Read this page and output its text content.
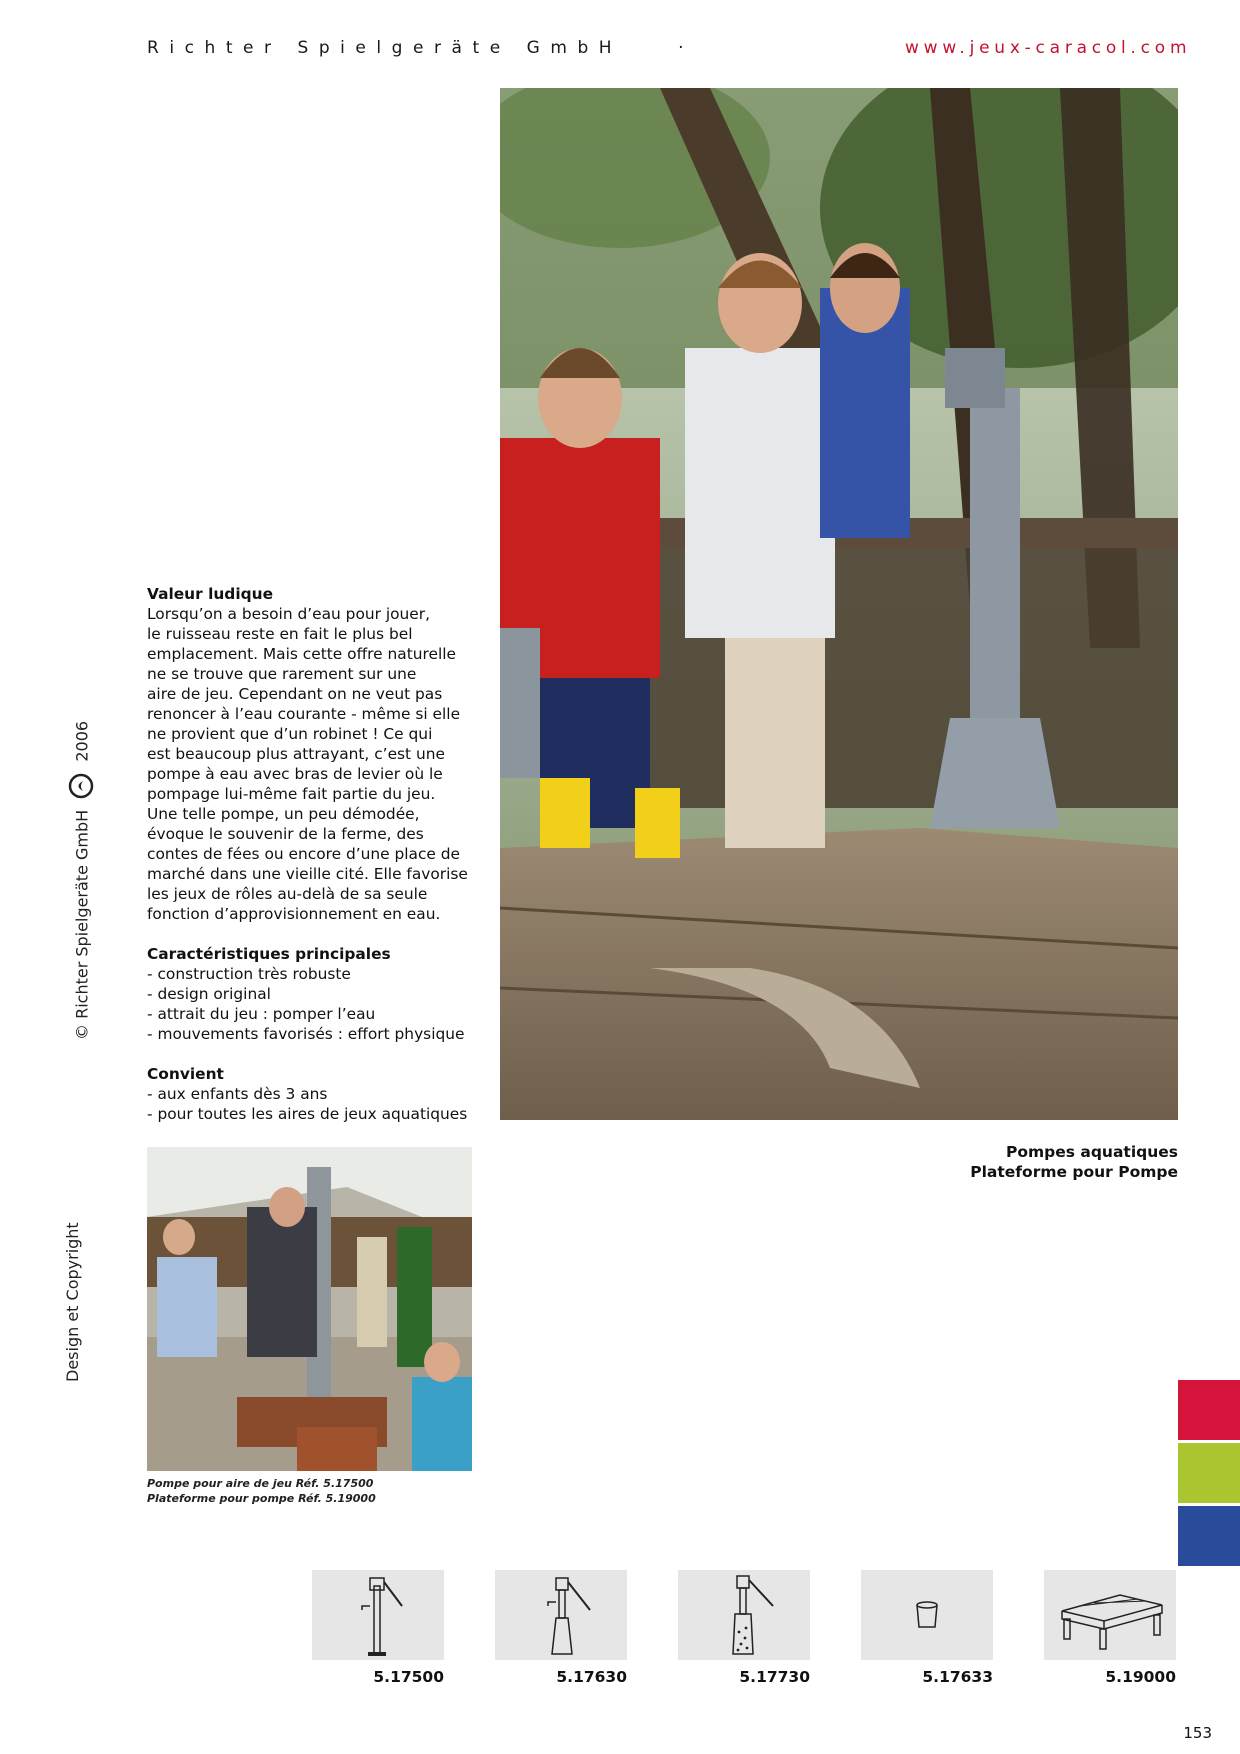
Richter Spielgeräte GmbH	·	www.jeux-caracol.com
© Richter Spielgeräte GmbH  2006
Design et Copyright
Valeur ludique
Lorsqu’on a besoin d’eau pour jouer,
le ruisseau reste en fait le plus bel
emplacement. Mais cette offre naturelle
ne se trouve que rarement sur une
aire de jeu. Cependant on ne veut pas
renoncer à l’eau courante - même si elle
ne provient que d’un robinet ! Ce qui
est beaucoup plus attrayant, c’est une
pompe à eau avec bras de levier où le
pompage lui-même fait partie du jeu.
Une telle pompe, un peu démodée,
évoque le souvenir de la ferme, des
contes de fées ou encore d’une place de
marché dans une vieille cité. Elle favorise
les jeux de rôles au-delà de sa seule
fonction d’approvisionnement en eau.
Caractéristiques principales
- construction très robuste
- design original
- attrait du jeu : pomper l’eau
- mouvements favorisés : effort physique
Convient
- aux enfants dès 3 ans
- pour toutes les aires de jeux aquatiques
Pompe pour aire de jeu Réf. 5.17500
Plateforme pour pompe Réf. 5.19000
Pompes aquatiques
Plateforme pour Pompe
5.17500	5.17630	5.17730	5.17633	5.19000
153
